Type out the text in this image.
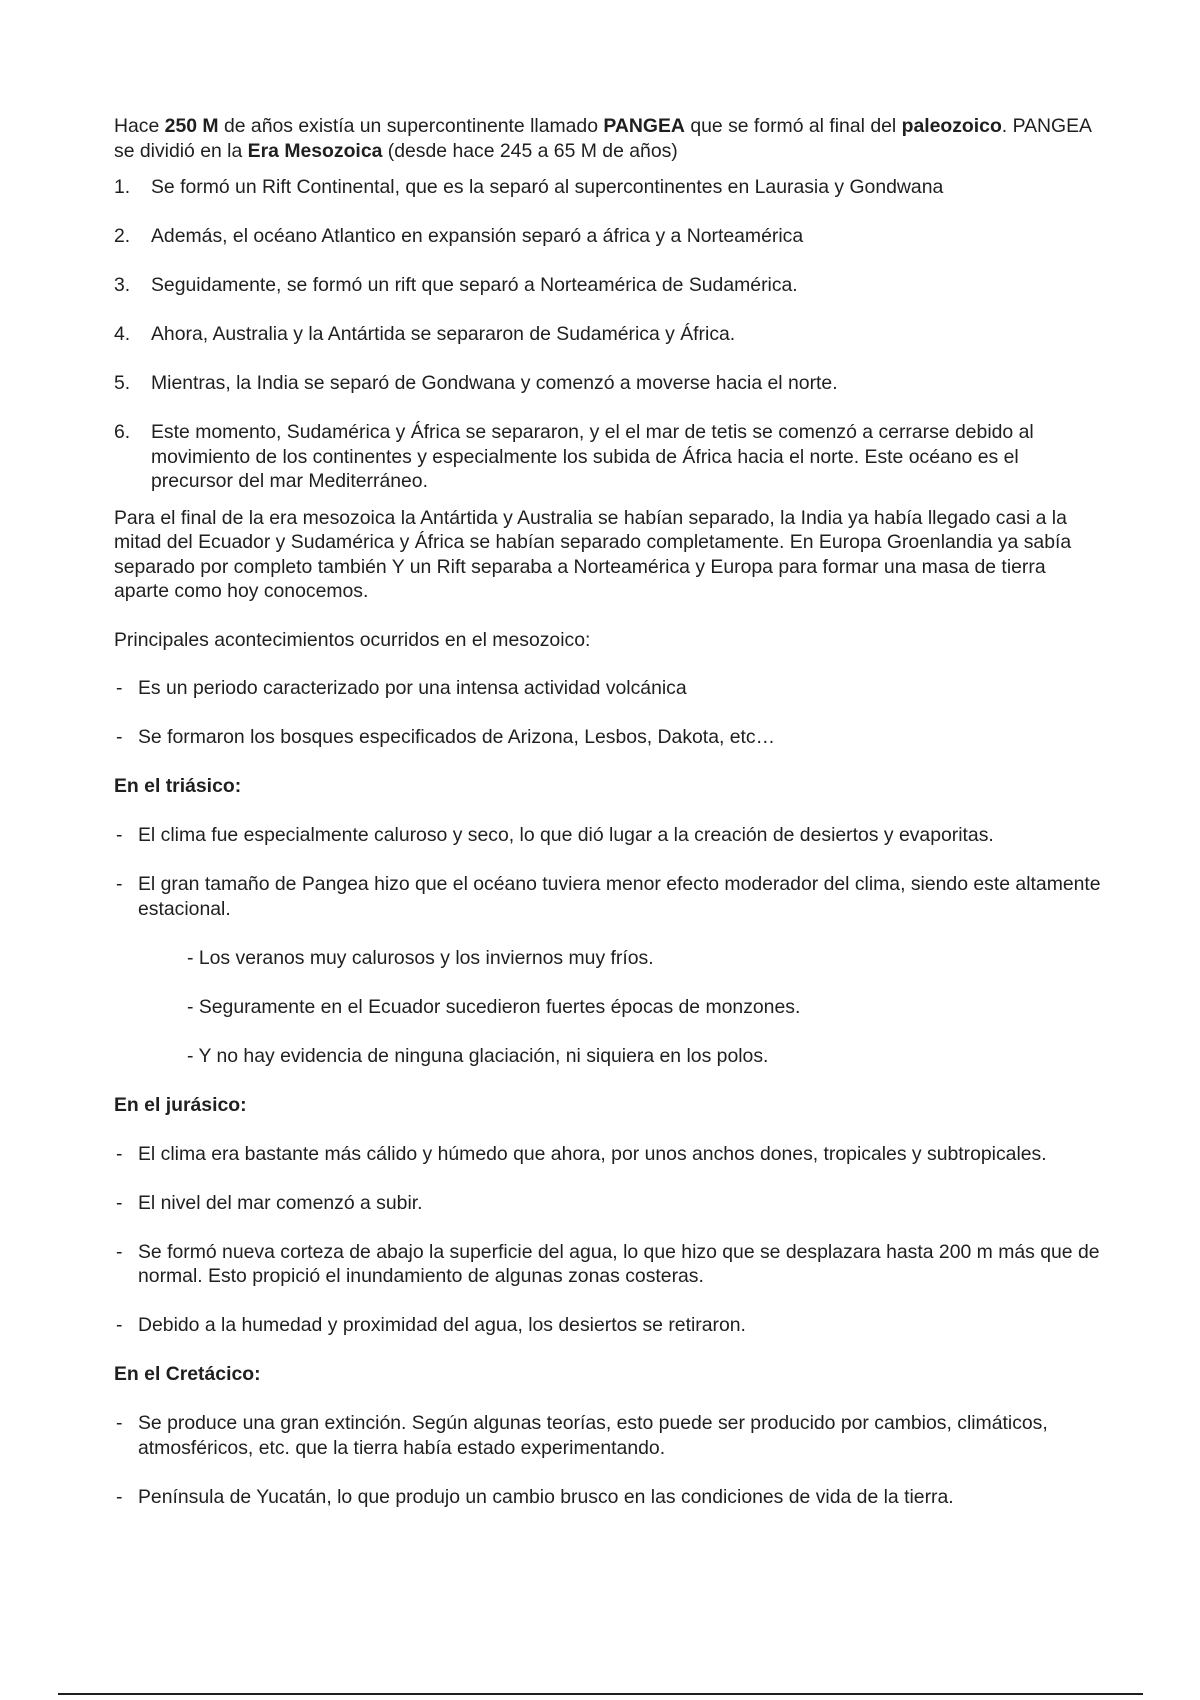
Hace 250 M de años existía un supercontinente llamado PANGEA que se formó al final del paleozoico. PANGEA se dividió en la Era Mesozoica (desde hace 245 a 65 M de años)

1. Se formó un Rift Continental, que es la separó al supercontinentes en Laurasia y Gondwana
2. Además, el océano Atlantico en expansión separó a áfrica y a Norteamérica
3. Seguidamente, se formó un rift que separó a Norteamérica de Sudamérica.
4. Ahora, Australia y la Antártida se separaron de Sudamérica y África.
5. Mientras, la India se separó de Gondwana y comenzó a moverse hacia el norte.
6. Este momento, Sudamérica y África se separaron, y el el mar de tetis se comenzó a cerrarse debido al movimiento de los continentes y especialmente los subida de África hacia el norte. Este océano es el precursor del mar Mediterráneo.

Para el final de la era mesozoica la Antártida y Australia se habían separado, la India ya había llegado casi a la mitad del Ecuador y Sudamérica y África se habían separado completamente. En Europa Groenlandia ya sabía separado por completo también Y un Rift separaba a Norteamérica y Europa para formar una masa de tierra aparte como hoy conocemos.

Principales acontecimientos ocurridos en el mesozoico:

- Es un periodo caracterizado por una intensa actividad volcánica
- Se formaron los bosques especificados de Arizona, Lesbos, Dakota, etc…
En el triásico:
- El clima fue especialmente caluroso y seco, lo que dió lugar a la creación de desiertos y evaporitas.
- El gran tamaño de Pangea hizo que el océano tuviera menor efecto moderador del clima, siendo este altamente estacional.
- Los veranos muy calurosos y los inviernos muy fríos.
- Seguramente en el Ecuador sucedieron fuertes épocas de monzones.
- Y no hay evidencia de ninguna glaciación, ni siquiera en los polos.
En el jurásico:
- El clima era bastante más cálido y húmedo que ahora, por unos anchos dones, tropicales y subtropicales.
- El nivel del mar comenzó a subir.
- Se formó nueva corteza de abajo la superficie del agua, lo que hizo que se desplazara hasta 200 m más que de normal. Esto propició el inundamiento de algunas zonas costeras.
- Debido a la humedad y proximidad del agua, los desiertos se retiraron.
En el Cretácico:
- Se produce una gran extinción. Según algunas teorías, esto puede ser producido por cambios, climáticos, atmosféricos, etc. que la tierra había estado experimentando.
- Península de Yucatán, lo que produjo un cambio brusco en las condiciones de vida de la tierra.
